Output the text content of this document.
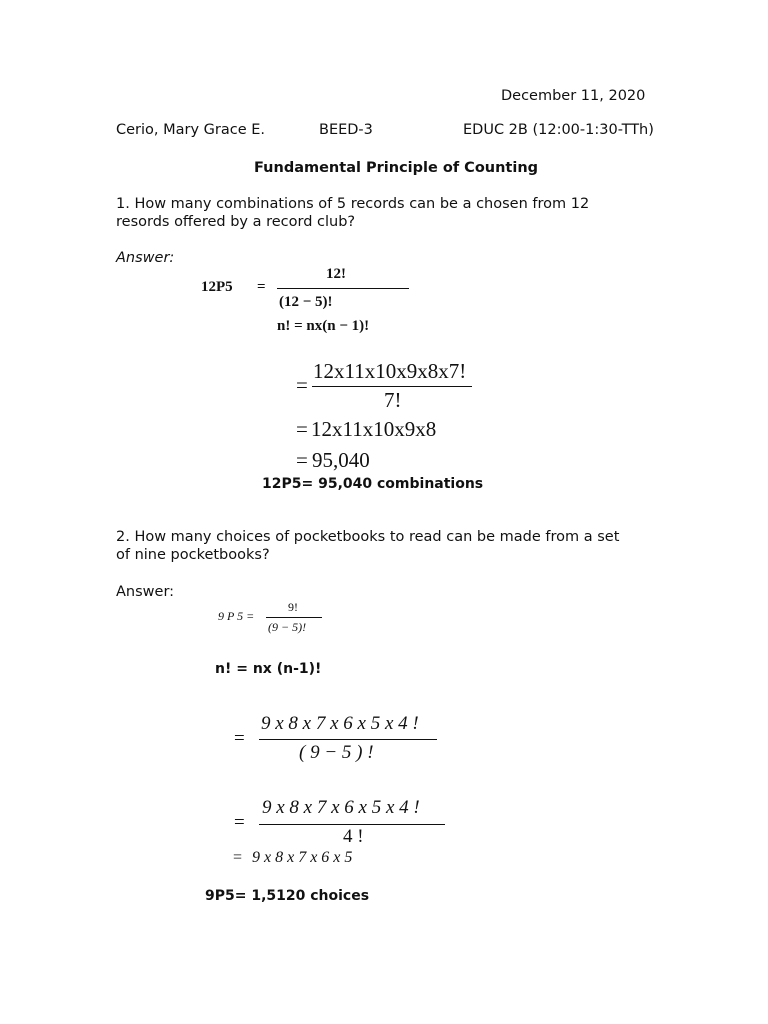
December 11, 2020
Cerio, Mary Grace E.	BEED-3	EDUC 2B (12:00-1:30-TTh)
Fundamental Principle of Counting
1. How many combinations of 5 records can be a chosen from 12
resords offered by a record club?
Answer:
12P5 =
12!
(12 − 5)!
n! = nx(n − 1)!
=
12x11x10x9x8x7!
7!
= 12x11x10x9x8
= 95,040
12P5= 95,040 combinations
2. How many choices of pocketbooks to read can be made from a set
of nine pocketbooks?
Answer:
9 P 5 =
9!
(9 − 5)!
n! = nx (n-1)!
=
9 x 8 x 7 x 6 x 5 x 4 !
( 9 − 5 ) !
=
9 x 8 x 7 x 6 x 5 x 4 !
4 !
= 9 x 8 x 7 x 6 x 5
9P5= 1,5120 choices
